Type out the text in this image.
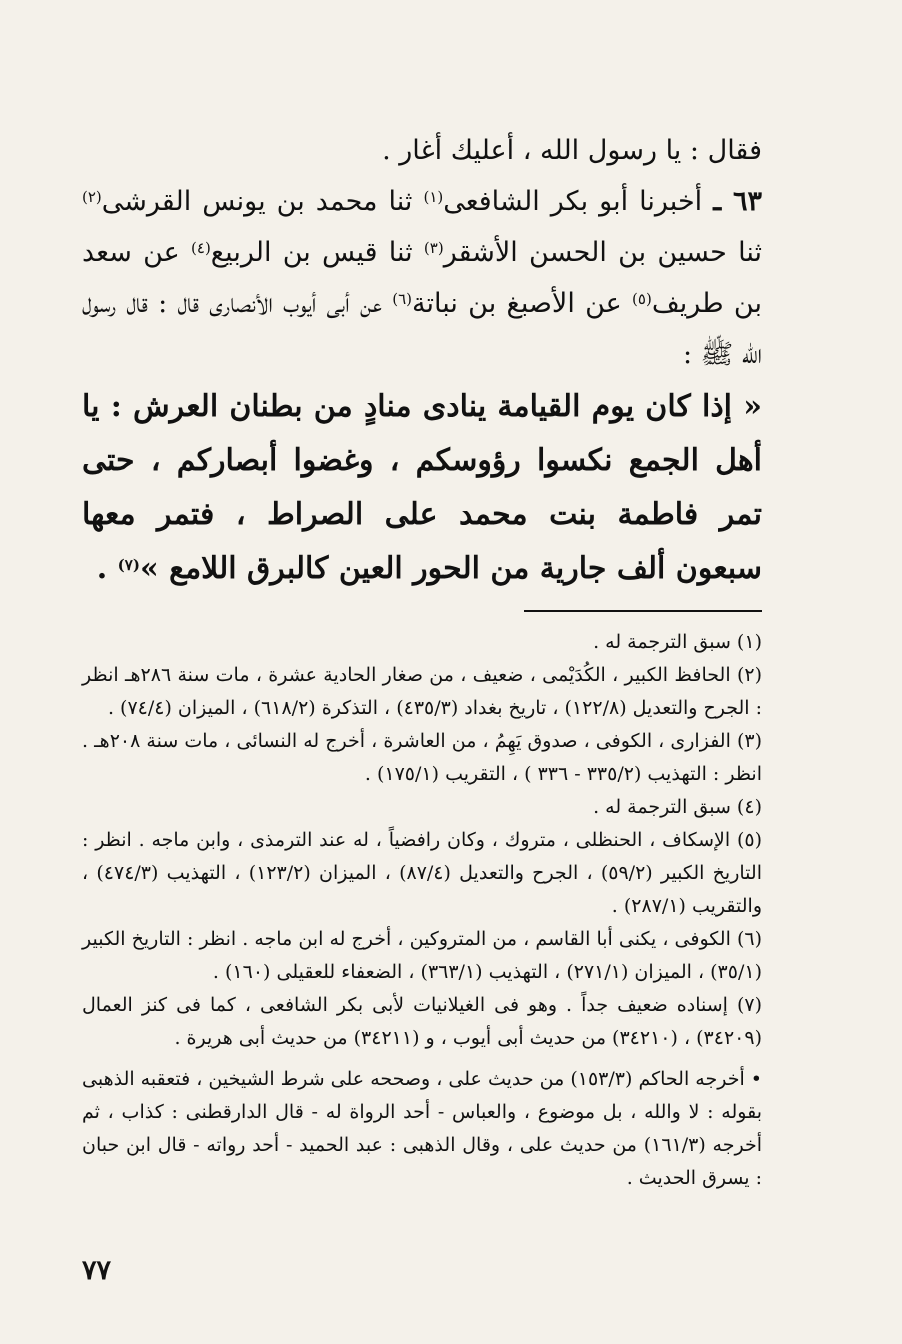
فقال : يا رسول الله ، أعليك أغار .

٦٣ ـ أخبرنا أبو بكر الشافعى$^{(١)}$ ثنا محمد بن يونس القرشى$^{(٢)}$ ثنا حسين بن الحسن الأشقر$^{(٣)}$ ثنا قيس بن الربيع$^{(٤)}$ عن سعد بن طريف$^{(٥)}$ عن الأصبغ بن نباتة$^{(٦)}$ عن أبى أيوب الأنصارى قال : قال رسول الله ﷺ :

« إذا كان يوم القيامة ينادى منادٍ من بطنان العرش : يا أهل الجمع نكسوا رؤوسكم ، وغضوا أبصاركم ، حتى تمر فاطمة بنت محمد على الصراط ، فتمر معها سبعون ألف جارية من الحور العين كالبرق اللامع »$^{(٧)}$ .

(١) سبق الترجمة له .

(٢) الحافظ الكبير ، الكُدَيْمى ، ضعيف ، من صغار الحادية عشرة ، مات سنة ٢٨٦هـ انظر : الجرح والتعديل (١٢٢/٨) ، تاريخ بغداد (٤٣٥/٣) ، التذكرة (٦١٨/٢) ، الميزان (٧٤/٤) .

(٣) الفزارى ، الكوفى ، صدوق يَهِمُ ، من العاشرة ، أخرج له النسائى ، مات سنة ٢٠٨هـ . انظر : التهذيب (٣٣٥/٢ - ٣٣٦ ) ، التقريب (١٧٥/١) .

(٤) سبق الترجمة له .

(٥) الإسكاف ، الحنظلى ، متروك ، وكان رافضياً ، له عند الترمذى ، وابن ماجه . انظر : التاريخ الكبير (٥٩/٢) ، الجرح والتعديل (٨٧/٤) ، الميزان (١٢٣/٢) ، التهذيب (٤٧٤/٣) ، والتقريب (٢٨٧/١) .

(٦) الكوفى ، يكنى أبا القاسم ، من المتروكين ، أخرج له ابن ماجه . انظر : التاريخ الكبير (٣٥/١) ، الميزان (٢٧١/١) ، التهذيب (٣٦٣/١) ، الضعفاء للعقيلى (١٦٠) .

(٧) إسناده ضعيف جداً . وهو فى الغيلانيات لأبى بكر الشافعى ، كما فى كنز العمال (٣٤٢٠٩) ، (٣٤٢١٠) من حديث أبى أيوب ، و (٣٤٢١١) من حديث أبى هريرة .

• أخرجه الحاكم (١٥٣/٣) من حديث على ، وصححه على شرط الشيخين ، فتعقبه الذهبى بقوله : لا والله ، بل موضوع ، والعباس - أحد الرواة له - قال الدارقطنى : كذاب ، ثم أخرجه (١٦١/٣) من حديث على ، وقال الذهبى : عبد الحميد - أحد رواته - قال ابن حبان : يسرق الحديث .

٧٧
